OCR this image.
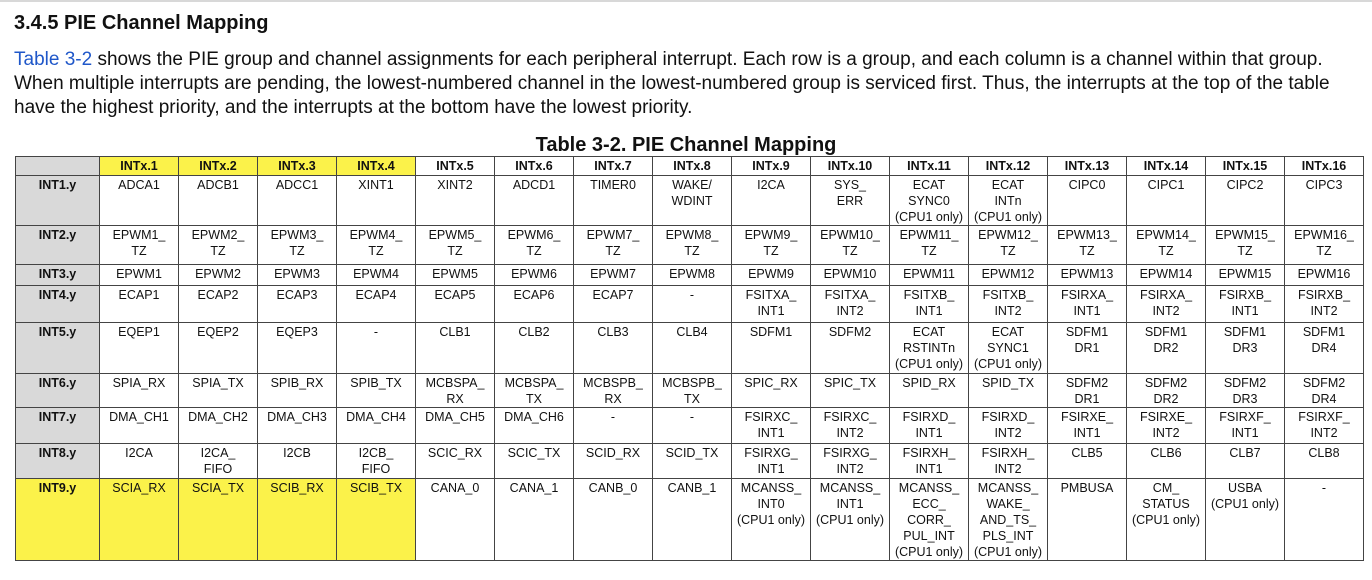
3.4.5 PIE Channel Mapping
Table 3-2 shows the PIE group and channel assignments for each peripheral interrupt. Each row is a group, and each column is a channel within that group. When multiple interrupts are pending, the lowest-numbered channel in the lowest-numbered group is serviced first. Thus, the interrupts at the top of the table have the highest priority, and the interrupts at the bottom have the lowest priority.
Table 3-2. PIE Channel Mapping
	INTx.1	INTx.2	INTx.3	INTx.4	INTx.5	INTx.6	INTx.7	INTx.8	INTx.9	INTx.10	INTx.11	INTx.12	INTx.13	INTx.14	INTx.15	INTx.16
INT1.y	ADCA1	ADCB1	ADCC1	XINT1	XINT2	ADCD1	TIMER0	WAKE/
WDINT	I2CA	SYS_
ERR	ECAT
SYNC0
(CPU1 only)	ECAT
INTn
(CPU1 only)	CIPC0	CIPC1	CIPC2	CIPC3

INT2.y	EPWM1_
TZ	EPWM2_
TZ	EPWM3_
TZ	EPWM4_
TZ	EPWM5_
TZ	EPWM6_
TZ	EPWM7_
TZ	EPWM8_
TZ	EPWM9_
TZ	EPWM10_
TZ	EPWM11_
TZ	EPWM12_
TZ	EPWM13_
TZ	EPWM14_
TZ	EPWM15_
TZ	EPWM16_
TZ

INT3.y	EPWM1	EPWM2	EPWM3	EPWM4	EPWM5	EPWM6	EPWM7	EPWM8	EPWM9	EPWM10	EPWM11	EPWM12	EPWM13	EPWM14	EPWM15	EPWM16

INT4.y	ECAP1	ECAP2	ECAP3	ECAP4	ECAP5	ECAP6	ECAP7	-	FSITXA_
INT1	FSITXA_
INT2	FSITXB_
INT1	FSITXB_
INT2	FSIRXA_
INT1	FSIRXA_
INT2	FSIRXB_
INT1	FSIRXB_
INT2

INT5.y	EQEP1	EQEP2	EQEP3	-	CLB1	CLB2	CLB3	CLB4	SDFM1	SDFM2	ECAT
RSTINTn
(CPU1 only)	ECAT
SYNC1
(CPU1 only)	SDFM1
DR1	SDFM1
DR2	SDFM1
DR3	SDFM1
DR4

INT6.y	SPIA_RX	SPIA_TX	SPIB_RX	SPIB_TX	MCBSPA_
RX	MCBSPA_
TX	MCBSPB_
RX	MCBSPB_
TX	SPIC_RX	SPIC_TX	SPID_RX	SPID_TX	SDFM2
DR1	SDFM2
DR2	SDFM2
DR3	SDFM2
DR4

INT7.y	DMA_CH1	DMA_CH2	DMA_CH3	DMA_CH4	DMA_CH5	DMA_CH6	-	-	FSIRXC_
INT1	FSIRXC_
INT2	FSIRXD_
INT1	FSIRXD_
INT2	FSIRXE_
INT1	FSIRXE_
INT2	FSIRXF_
INT1	FSIRXF_
INT2

INT8.y	I2CA	I2CA_
FIFO	I2CB	I2CB_
FIFO	SCIC_RX	SCIC_TX	SCID_RX	SCID_TX	FSIRXG_
INT1	FSIRXG_
INT2	FSIRXH_
INT1	FSIRXH_
INT2	CLB5	CLB6	CLB7	CLB8

INT9.y	SCIA_RX	SCIA_TX	SCIB_RX	SCIB_TX	CANA_0	CANA_1	CANB_0	CANB_1	MCANSS_
INT0
(CPU1 only)	MCANSS_
INT1
(CPU1 only)	MCANSS_
ECC_
CORR_
PUL_INT
(CPU1 only)	MCANSS_
WAKE_
AND_TS_
PLS_INT
(CPU1 only)	PMBUSA	CM_
STATUS
(CPU1 only)	USBA
(CPU1 only)	-
